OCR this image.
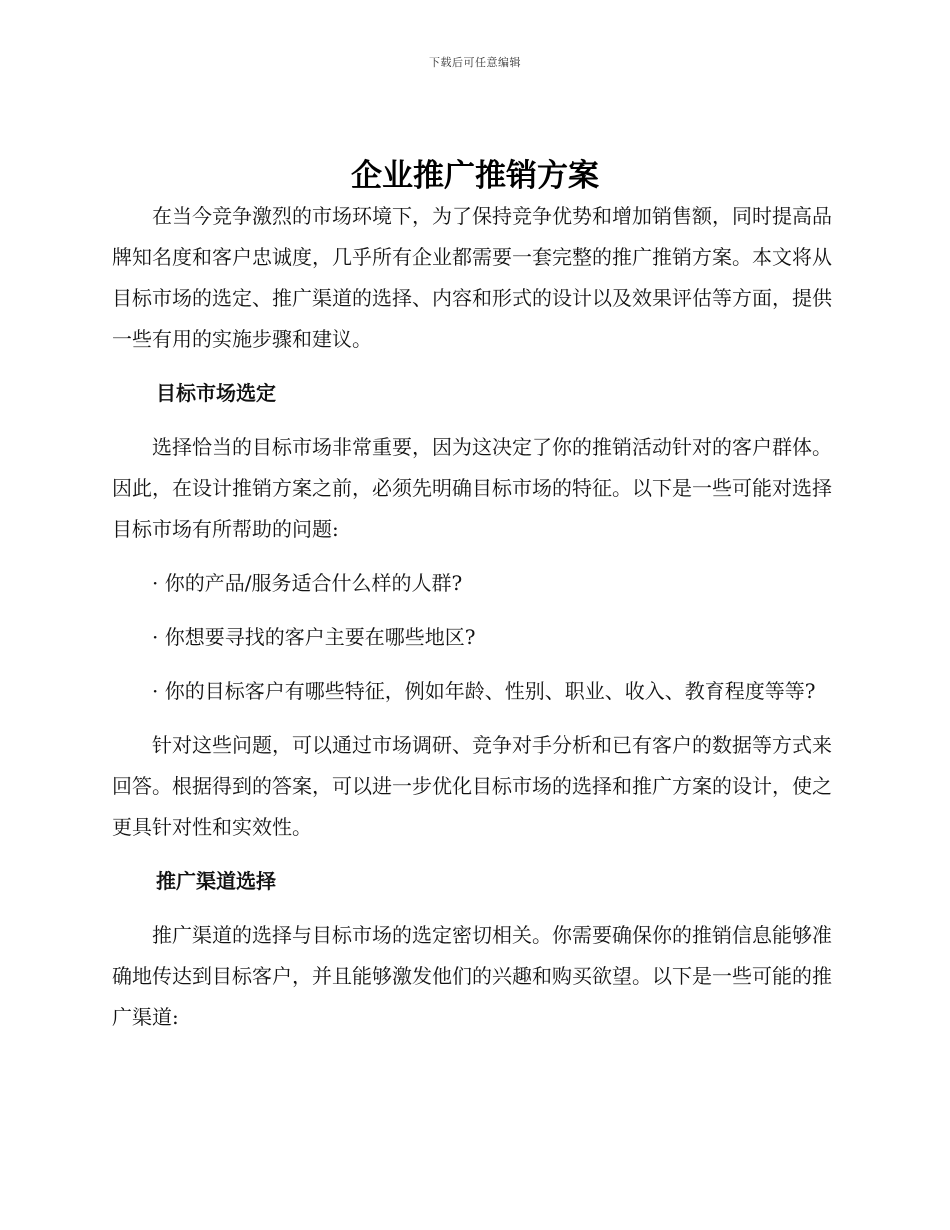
下载后可任意编辑
企业推广推销方案

在当今竞争激烈的市场环境下，为了保持竞争优势和增加销售额，同时提高品牌知名度和客户忠诚度，几乎所有企业都需要一套完整的推广推销方案。本文将从目标市场的选定、推广渠道的选择、内容和形式的设计以及效果评估等方面，提供一些有用的实施步骤和建议。

目标市场选定

选择恰当的目标市场非常重要，因为这决定了你的推销活动针对的客户群体。因此，在设计推销方案之前，必须先明确目标市场的特征。以下是一些可能对选择目标市场有所帮助的问题:

· 你的产品/服务适合什么样的人群?

· 你想要寻找的客户主要在哪些地区?

· 你的目标客户有哪些特征，例如年龄、性别、职业、收入、教育程度等等?

针对这些问题，可以通过市场调研、竞争对手分析和已有客户的数据等方式来回答。根据得到的答案，可以进一步优化目标市场的选择和推广方案的设计，使之更具针对性和实效性。

推广渠道选择

推广渠道的选择与目标市场的选定密切相关。你需要确保你的推销信息能够准确地传达到目标客户，并且能够激发他们的兴趣和购买欲望。以下是一些可能的推广渠道:
